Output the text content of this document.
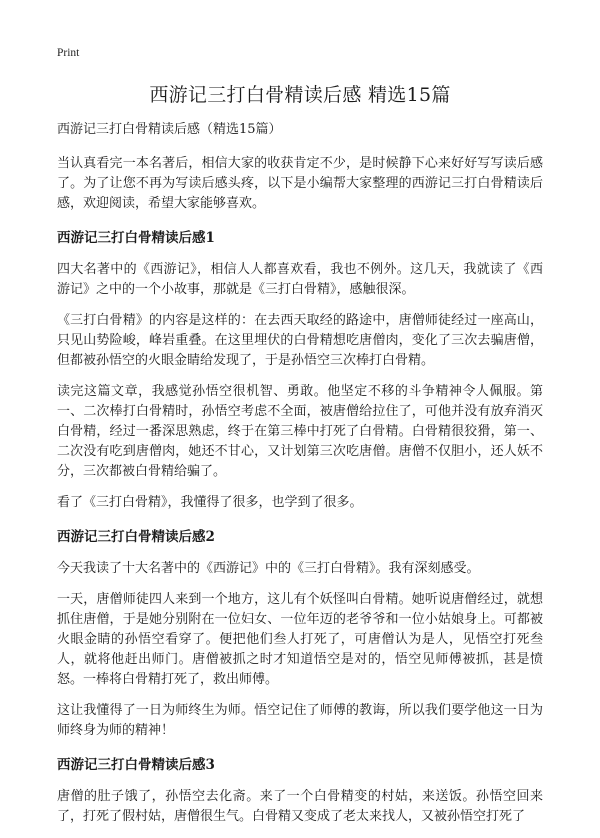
Print
西游记三打白骨精读后感 精选15篇

西游记三打白骨精读后感（精选15篇）

当认真看完一本名著后，相信大家的收获肯定不少，是时候静下心来好好写写读后感了。为了让您不再为写读后感头疼，以下是小编帮大家整理的西游记三打白骨精读后感，欢迎阅读，希望大家能够喜欢。

西游记三打白骨精读后感1

四大名著中的《西游记》，相信人人都喜欢看，我也不例外。这几天，我就读了《西游记》之中的一个小故事，那就是《三打白骨精》，感触很深。

《三打白骨精》的内容是这样的：在去西天取经的路途中，唐僧师徒经过一座高山，只见山势险峻，峰岩重叠。在这里埋伏的白骨精想吃唐僧肉，变化了三次去骗唐僧，但都被孙悟空的火眼金睛给发现了，于是孙悟空三次棒打白骨精。

读完这篇文章，我感觉孙悟空很机智、勇敢。他坚定不移的斗争精神令人佩服。第一、二次棒打白骨精时，孙悟空考虑不全面，被唐僧给拉住了，可他并没有放弃消灭白骨精，经过一番深思熟虑，终于在第三棒中打死了白骨精。白骨精很狡猾，第一、二次没有吃到唐僧肉，她还不甘心，又计划第三次吃唐僧。唐僧不仅胆小，还人妖不分，三次都被白骨精给骗了。

看了《三打白骨精》，我懂得了很多，也学到了很多。

西游记三打白骨精读后感2

今天我读了十大名著中的《西游记》中的《三打白骨精》。我有深刻感受。

一天，唐僧师徒四人来到一个地方，这儿有个妖怪叫白骨精。她听说唐僧经过，就想抓住唐僧，于是她分别附在一位妇女、一位年迈的老爷爷和一位小姑娘身上。可都被火眼金睛的孙悟空看穿了。便把他们叁人打死了，可唐僧认为是人，见悟空打死叁人，就将他赶出师门。唐僧被抓之时才知道悟空是对的，悟空见师傅被抓，甚是愤怒。一棒将白骨精打死了，救出师傅。

这让我懂得了一日为师终生为师。悟空记住了师傅的教诲，所以我们要学他这一日为师终身为师的精神！

西游记三打白骨精读后感3

唐僧的肚子饿了，孙悟空去化斋。来了一个白骨精变的村姑，来送饭。孙悟空回来了，打死了假村姑，唐僧很生气。白骨精又变成了老太来找人，又被孙悟空打死了
